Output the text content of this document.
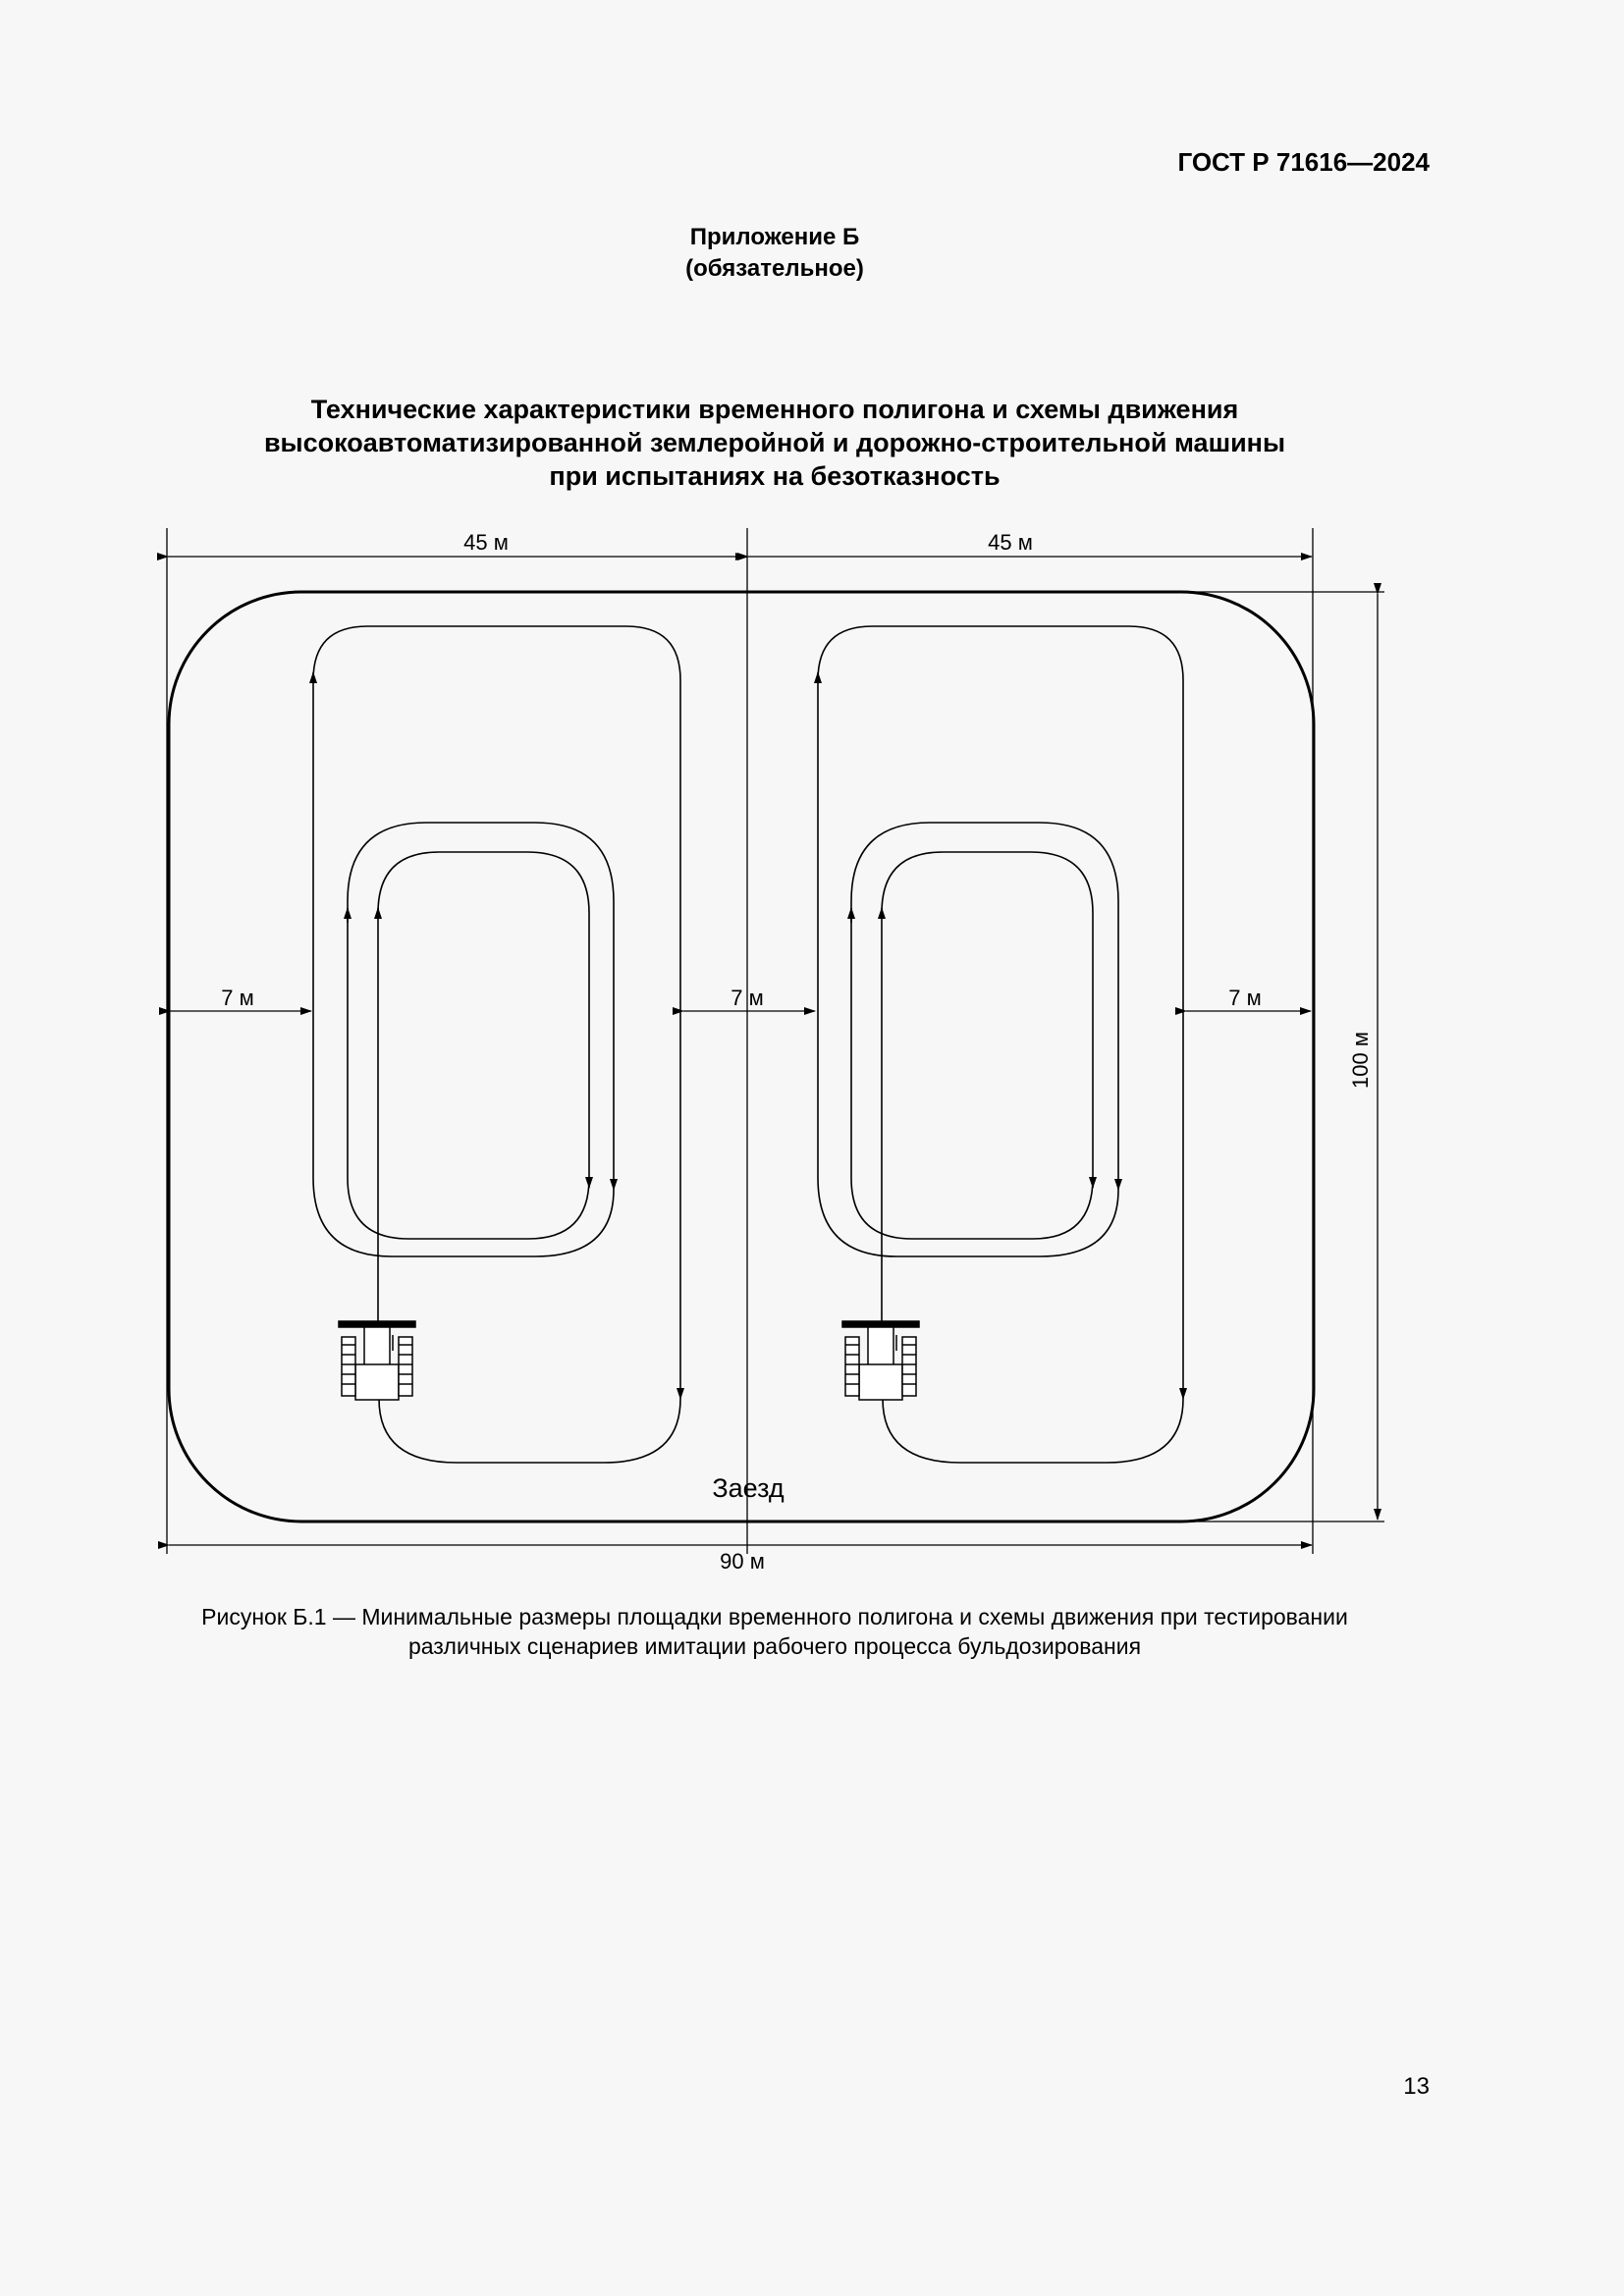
ГОСТ Р 71616—2024
Приложение Б
(обязательное)
Технические характеристики временного полигона и схемы движения
высокоавтоматизированной землеройной и дорожно-строительной машины
при испытаниях на безотказность
45 м	45 м
7 м	7 м	7 м
100 м
90 м
Заезд
Рисунок Б.1 — Минимальные размеры площадки временного полигона и схемы движения при тестировании
различных сценариев имитации рабочего процесса бульдозирования
13
